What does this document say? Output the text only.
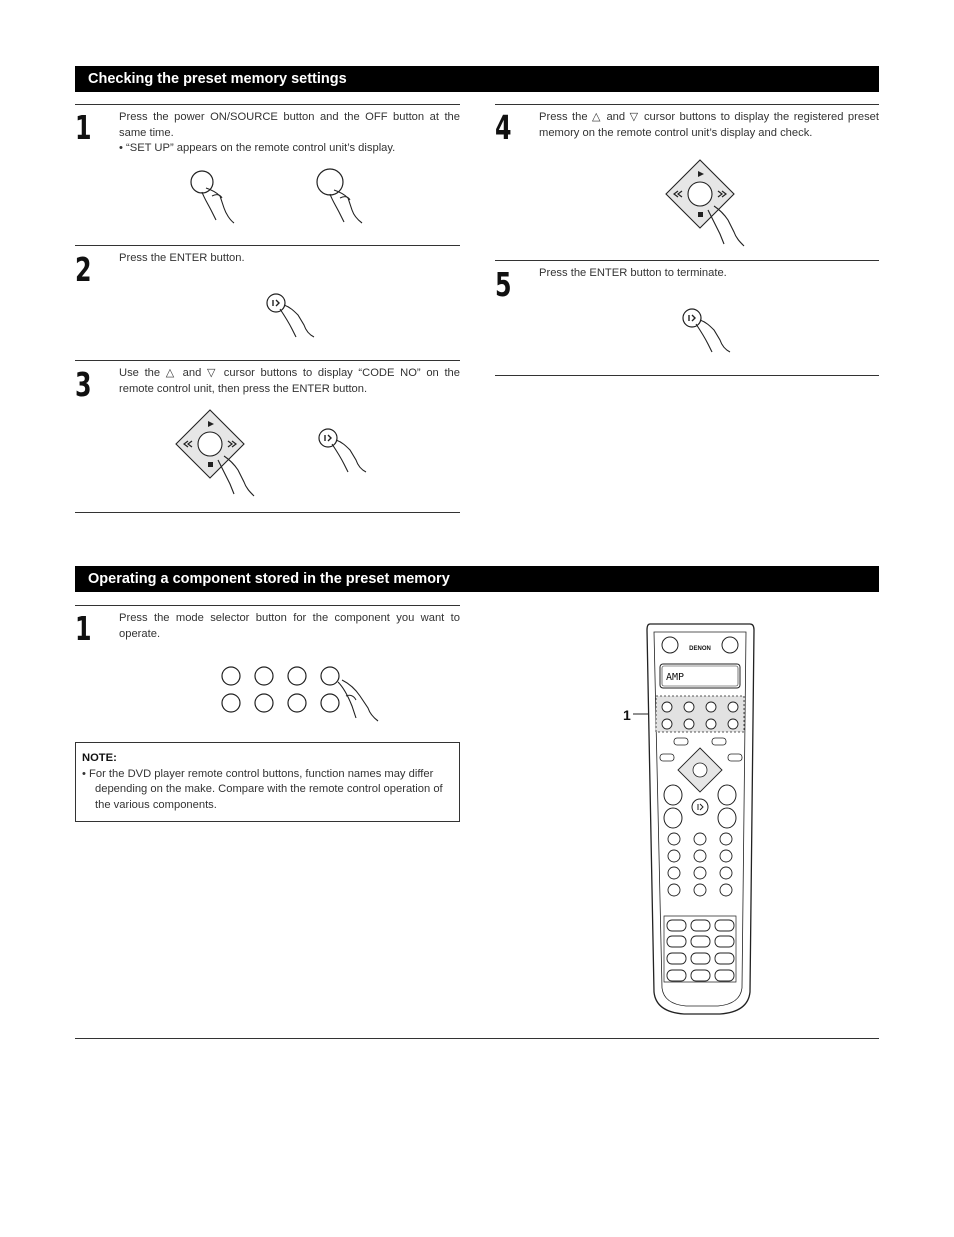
Checking the preset memory settings
1 Press the power ON/SOURCE button and the OFF button at the same time.
• “SET UP” appears on the remote control unit’s display.
2 Press the ENTER button.
3 Use the △ and ▽ cursor buttons to display “CODE NO” on the remote control unit, then press the ENTER button.
4 Press the △ and ▽ cursor buttons to display the registered preset memory on the remote control unit’s display and check.
5 Press the ENTER button to terminate.
Operating a component stored in the preset memory
1 Press the mode selector button for the component you want to operate.
NOTE:
• For the DVD player remote control buttons, function names may differ depending on the make. Compare with the remote control operation of the various components.
1
DENON
AMP
